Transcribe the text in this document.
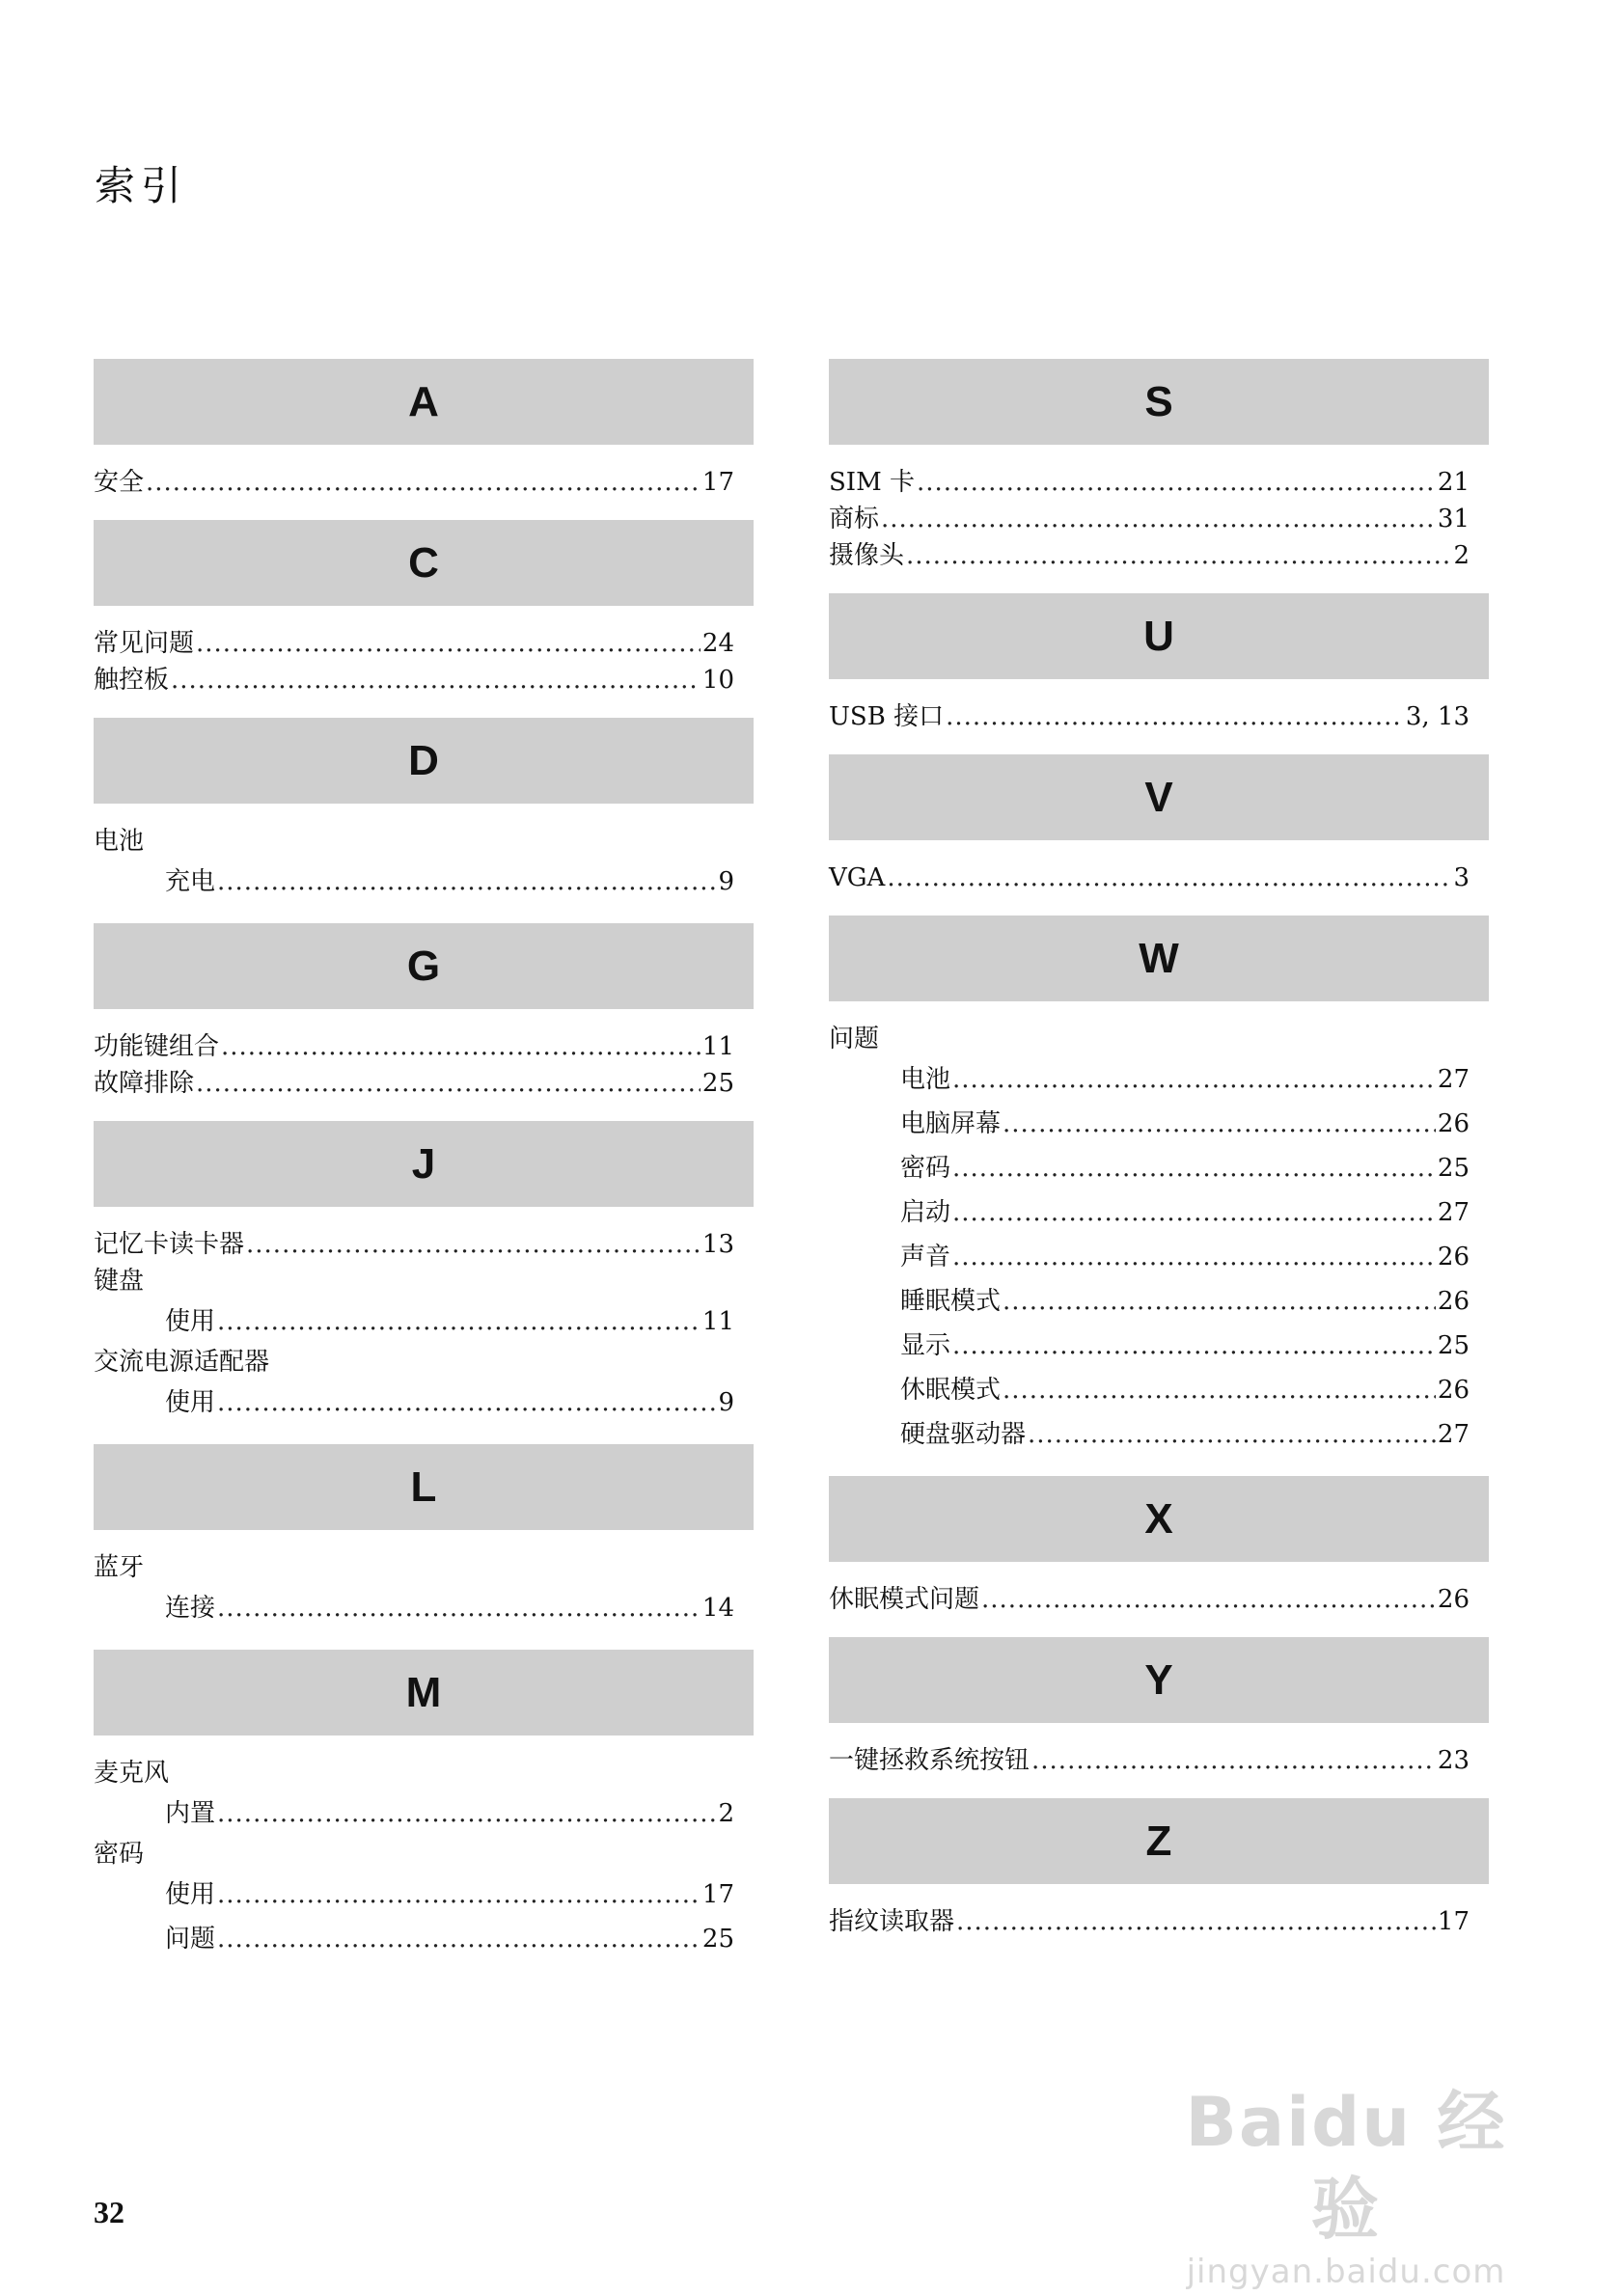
索引
A
安全 .....	17
C
常见问题 .....	24
触控板 .....	10
D
电池
充电 .....	9
G
功能键组合 .....	11
故障排除 .....	25
J
记忆卡读卡器 .....	13
键盘
使用 .....	11
交流电源适配器
使用 .....	9
L
蓝牙
连接 .....	14
M
麦克风
内置 .....	2
密码
使用 .....	17
问题 .....	25
S
SIM 卡 .....	21
商标 .....	31
摄像头 .....	2
U
USB 接口 .....	3, 13
V
VGA .....	3
W
问题
电池 .....	27
电脑屏幕 .....	26
密码 .....	25
启动 .....	27
声音 .....	26
睡眠模式 .....	26
显示 .....	25
休眠模式 .....	26
硬盘驱动器 .....	27
X
休眠模式问题 .....	26
Y
一键拯救系统按钮 .....	23
Z
指纹读取器 .....	17
32
Baidu 经验
jingyan.baidu.com
